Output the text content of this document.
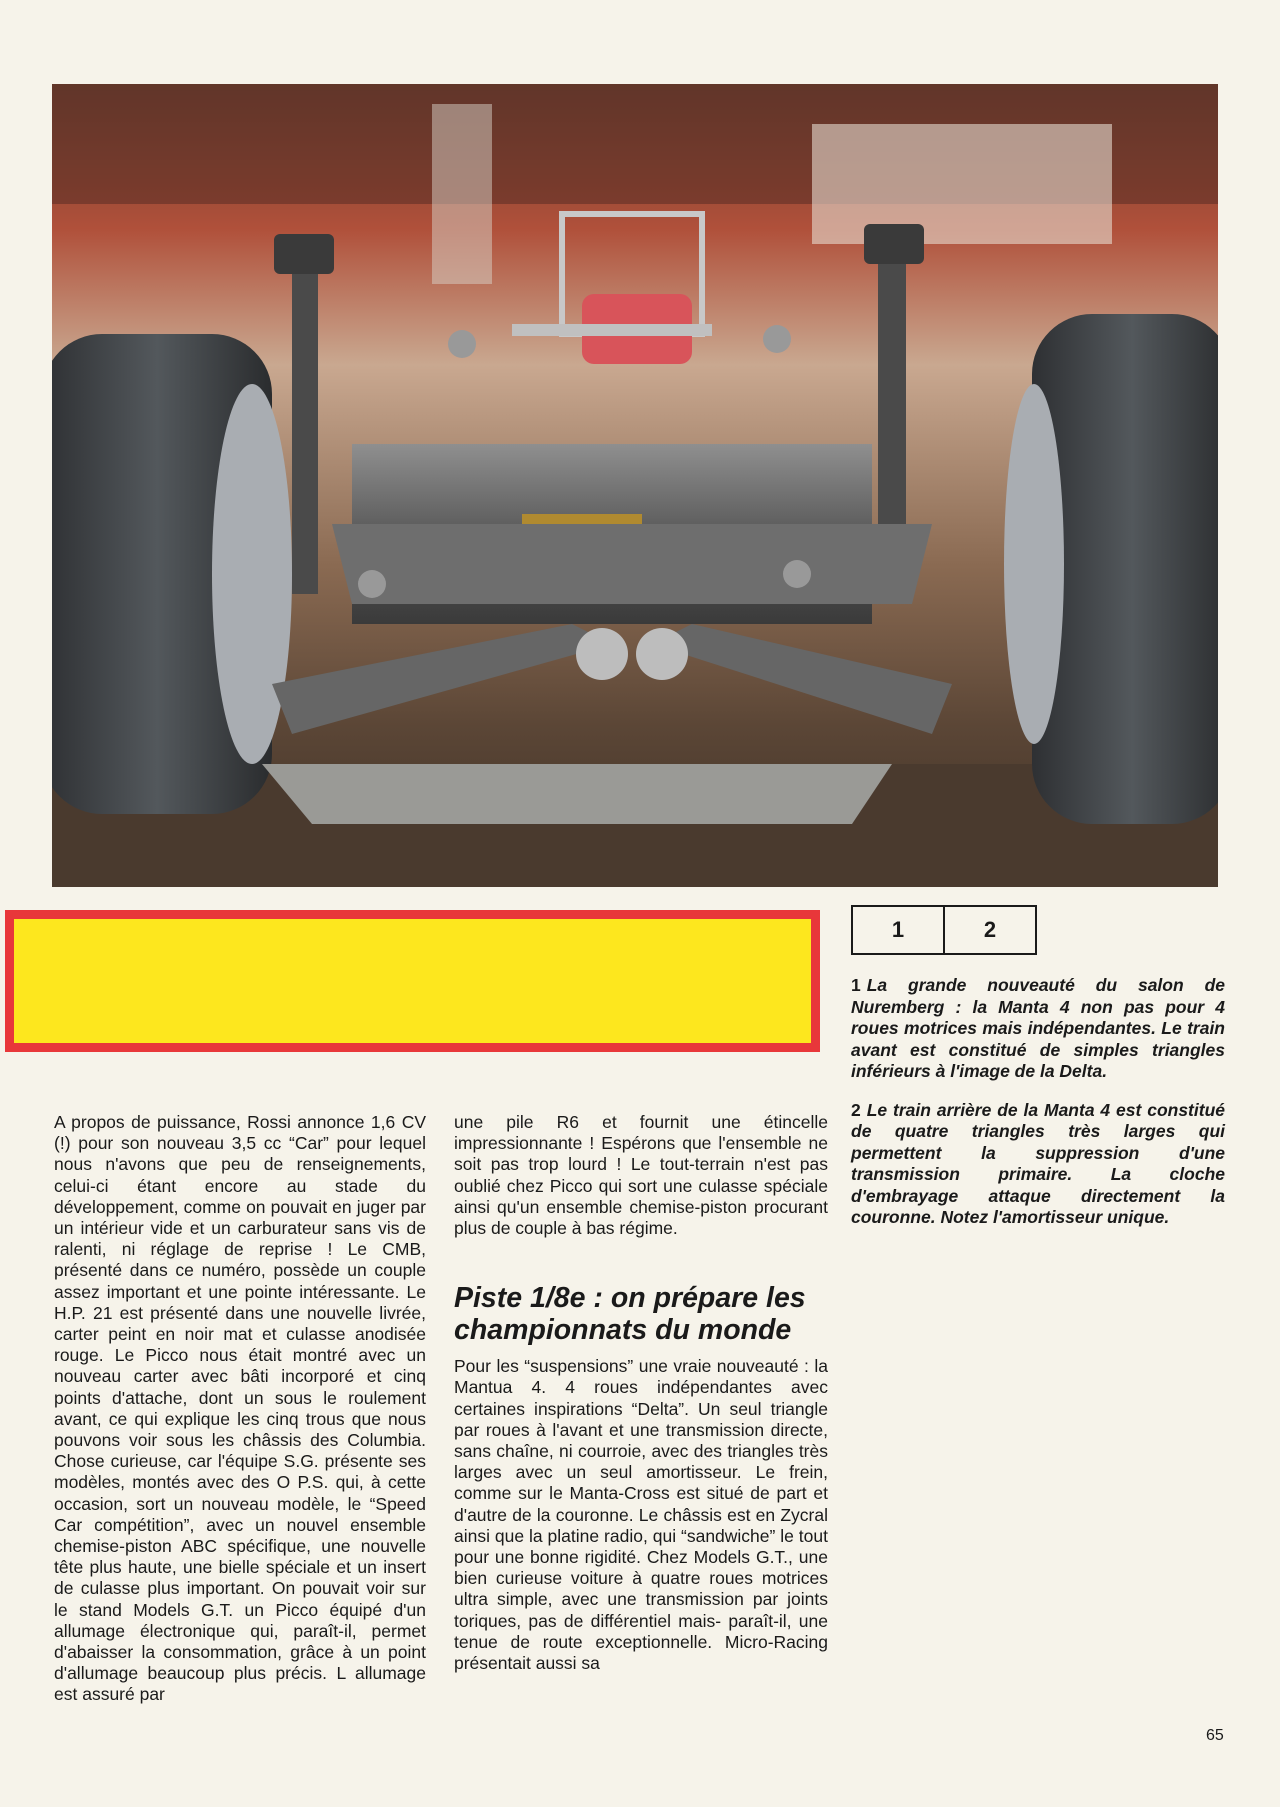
1	2

1 La grande nouveauté du salon de Nuremberg : la Manta 4 non pas pour 4 roues motrices mais indépendantes. Le train avant est constitué de simples triangles inférieurs à l'image de la Delta.

2 Le train arrière de la Manta 4 est constitué de quatre triangles très larges qui permettent la suppression d'une transmission primaire. La cloche d'embrayage attaque directement la couronne. Notez l'amortisseur unique.

A propos de puissance, Rossi annonce 1,6 CV (!) pour son nouveau 3,5 cc “Car” pour lequel nous n'avons que peu de renseignements, celui-ci étant encore au stade du développement, comme on pouvait en juger par un intérieur vide et un carburateur sans vis de ralenti, ni réglage de reprise ! Le CMB, présenté dans ce numéro, possède un couple assez important et une pointe intéressante. Le H.P. 21 est présenté dans une nouvelle livrée, carter peint en noir mat et culasse anodisée rouge. Le Picco nous était montré avec un nouveau carter avec bâti incorporé et cinq points d'attache, dont un sous le roulement avant, ce qui explique les cinq trous que nous pouvons voir sous les châssis des Columbia. Chose curieuse, car l'équipe S.G. présente ses modèles, montés avec des O P.S. qui, à cette occasion, sort un nouveau modèle, le “Speed Car compétition”, avec un nouvel ensemble chemise-piston ABC spécifique, une nouvelle tête plus haute, une bielle spéciale et un insert de culasse plus important. On pouvait voir sur le stand Models G.T. un Picco équipé d'un allumage électronique qui, paraît-il, permet d'abaisser la consommation, grâce à un point d'allumage beaucoup plus précis. L allumage est assuré par

une pile R6 et fournit une étincelle impressionnante ! Espérons que l'ensemble ne soit pas trop lourd ! Le tout-terrain n'est pas oublié chez Picco qui sort une culasse spéciale ainsi qu'un ensemble chemise-piston procurant plus de couple à bas régime.

Piste 1/8e : on prépare les championnats du monde

Pour les “suspensions” une vraie nouveauté : la Mantua 4. 4 roues indépendantes avec certaines inspirations “Delta”. Un seul triangle par roues à l'avant et une transmission directe, sans chaîne, ni courroie, avec des triangles très larges avec un seul amortisseur. Le frein, comme sur le Manta-Cross est situé de part et d'autre de la couronne. Le châssis est en Zycral ainsi que la platine radio, qui “sandwiche” le tout pour une bonne rigidité. Chez Models G.T., une bien curieuse voiture à quatre roues motrices ultra simple, avec une transmission par joints toriques, pas de différentiel mais- paraît-il, une tenue de route exceptionnelle. Micro-Racing présentait aussi sa

65
